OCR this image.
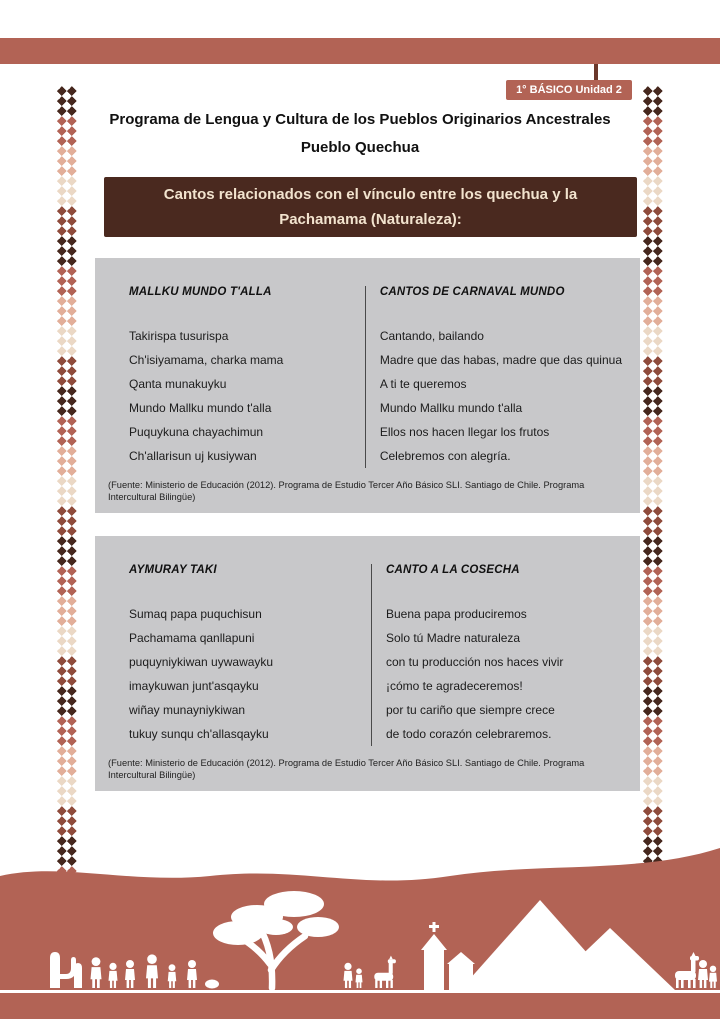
1° BÁSICO Unidad 2
Programa de Lengua y Cultura de los Pueblos Originarios Ancestrales
Pueblo Quechua
Cantos relacionados con el vínculo entre los quechua y la Pachamama (Naturaleza):
MALLKU MUNDO T'ALLA
Takirispa tusurispa
Ch'isiyamama, charka mama
Qanta munakuyku
Mundo Mallku mundo t'alla
Puquykuna chayachimun
Ch'allarisun uj kusiywan
CANTOS DE CARNAVAL MUNDO
Cantando, bailando
Madre que das habas, madre que das quinua
A ti te queremos
Mundo Mallku mundo t'alla
Ellos nos hacen llegar los frutos
Celebremos con alegría.
(Fuente: Ministerio de Educación (2012). Programa de Estudio Tercer Año Básico SLI. Santiago de Chile. Programa Intercultural Bilingüe)
AYMURAY TAKI
Sumaq papa puquchisun
Pachamama qanllapuni
puquyniykiwan uywawayku
imaykuwan junt'asqayku
wiñay munayniykiwan
tukuy sunqu ch'allasqayku
CANTO A LA COSECHA
Buena papa produciremos
Solo tú Madre naturaleza
con tu producción nos haces vivir
¡cómo te agradeceremos!
por tu cariño que siempre crece
de todo corazón celebraremos.
(Fuente: Ministerio de Educación (2012). Programa de Estudio Tercer Año Básico SLI. Santiago de Chile. Programa Intercultural Bilingüe)
